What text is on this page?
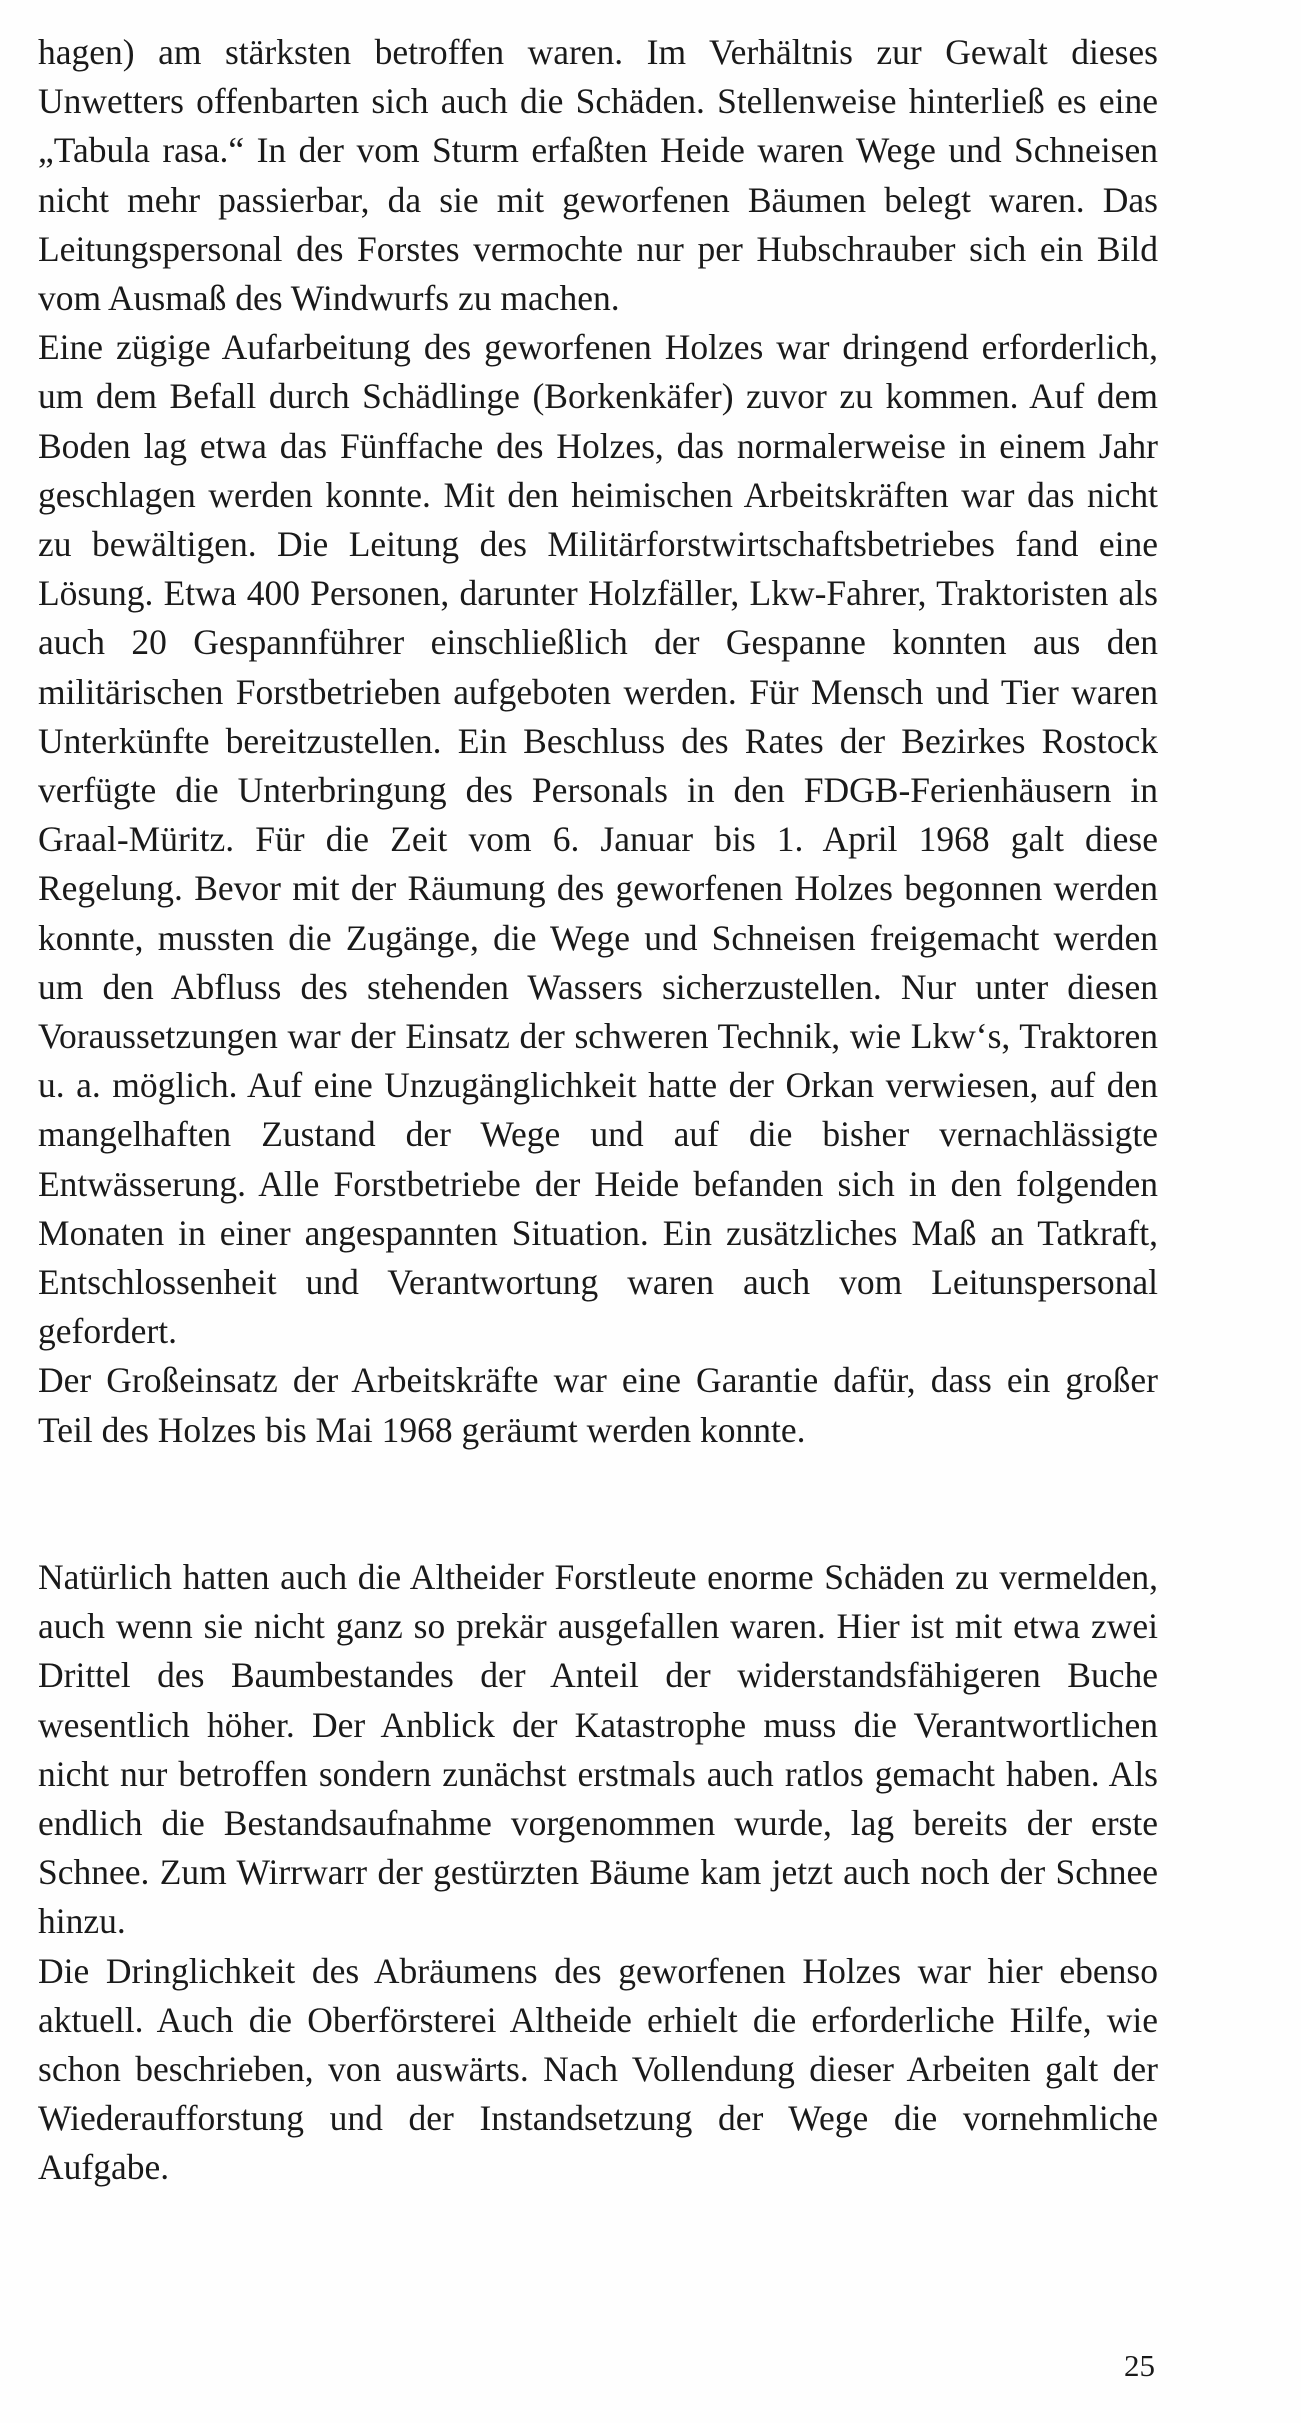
hagen) am stärksten betroffen waren. Im Verhältnis zur Gewalt dieses Unwetters offenbarten sich auch die Schäden. Stellenweise hinterließ es eine „Tabula rasa.“ In der vom Sturm erfaßten Heide waren Wege und Schneisen nicht mehr passierbar, da sie mit geworfenen Bäumen belegt waren. Das Leitungspersonal des Forstes vermochte nur per Hubschrauber sich ein Bild vom Ausmaß des Windwurfs zu machen.

Eine zügige Aufarbeitung des geworfenen Holzes war dringend erforderlich, um dem Befall durch Schädlinge (Borkenkäfer) zuvor zu kommen. Auf dem Boden lag etwa das Fünffache des Holzes, das normalerweise in einem Jahr geschlagen werden konnte. Mit den heimischen Arbeitskräften war das nicht zu bewältigen. Die Leitung des Militärforstwirtschaftsbetriebes fand eine Lösung. Etwa 400 Personen, darunter Holzfäller, Lkw-Fahrer, Traktoristen als auch 20 Gespannführer einschließlich der Gespanne konnten aus den militärischen Forstbetrieben aufgeboten werden. Für Mensch und Tier waren Unterkünfte bereitzustellen. Ein Beschluss des Rates der Bezirkes Rostock verfügte die Unterbringung des Personals in den FDGB-Ferienhäusern in Graal-Müritz. Für die Zeit vom 6. Januar bis 1. April 1968 galt diese Regelung. Bevor mit der Räumung des geworfenen Holzes begonnen werden konnte, mussten die Zugänge, die Wege und Schneisen freigemacht werden um den Abfluss des stehenden Wassers sicherzustellen. Nur unter diesen Voraussetzungen war der Einsatz der schweren Technik, wie Lkw‘s, Traktoren u. a. möglich. Auf eine Unzugänglichkeit hatte der Orkan verwiesen, auf den mangelhaften Zustand der Wege und auf die bisher vernachlässigte Entwässerung. Alle Forstbetriebe der Heide befanden sich in den folgenden Monaten in einer angespannten Situation. Ein zusätzliches Maß an Tatkraft, Entschlossenheit und Verantwortung waren auch vom Leitunspersonal gefordert.

Der Großeinsatz der Arbeitskräfte war eine Garantie dafür, dass ein großer Teil des Holzes bis Mai 1968 geräumt werden konnte.

Natürlich hatten auch die Altheider Forstleute enorme Schäden zu vermelden, auch wenn sie nicht ganz so prekär ausgefallen waren. Hier ist mit etwa zwei Drittel des Baumbestandes der Anteil der widerstandsfähigeren Buche wesentlich höher. Der Anblick der Katastrophe muss die Verantwortlichen nicht nur betroffen sondern zunächst erstmals auch ratlos gemacht haben. Als endlich die Bestandsaufnahme vorgenommen wurde, lag bereits der erste Schnee. Zum Wirrwarr der gestürzten Bäume kam jetzt auch noch der Schnee hinzu.

Die Dringlichkeit des Abräumens des geworfenen Holzes war hier ebenso aktuell. Auch die Oberförsterei Altheide erhielt die erforderliche Hilfe, wie schon beschrieben, von auswärts. Nach Vollendung dieser Arbeiten galt der Wiederaufforstung und der Instandsetzung der Wege die vornehmliche Aufgabe.

25
